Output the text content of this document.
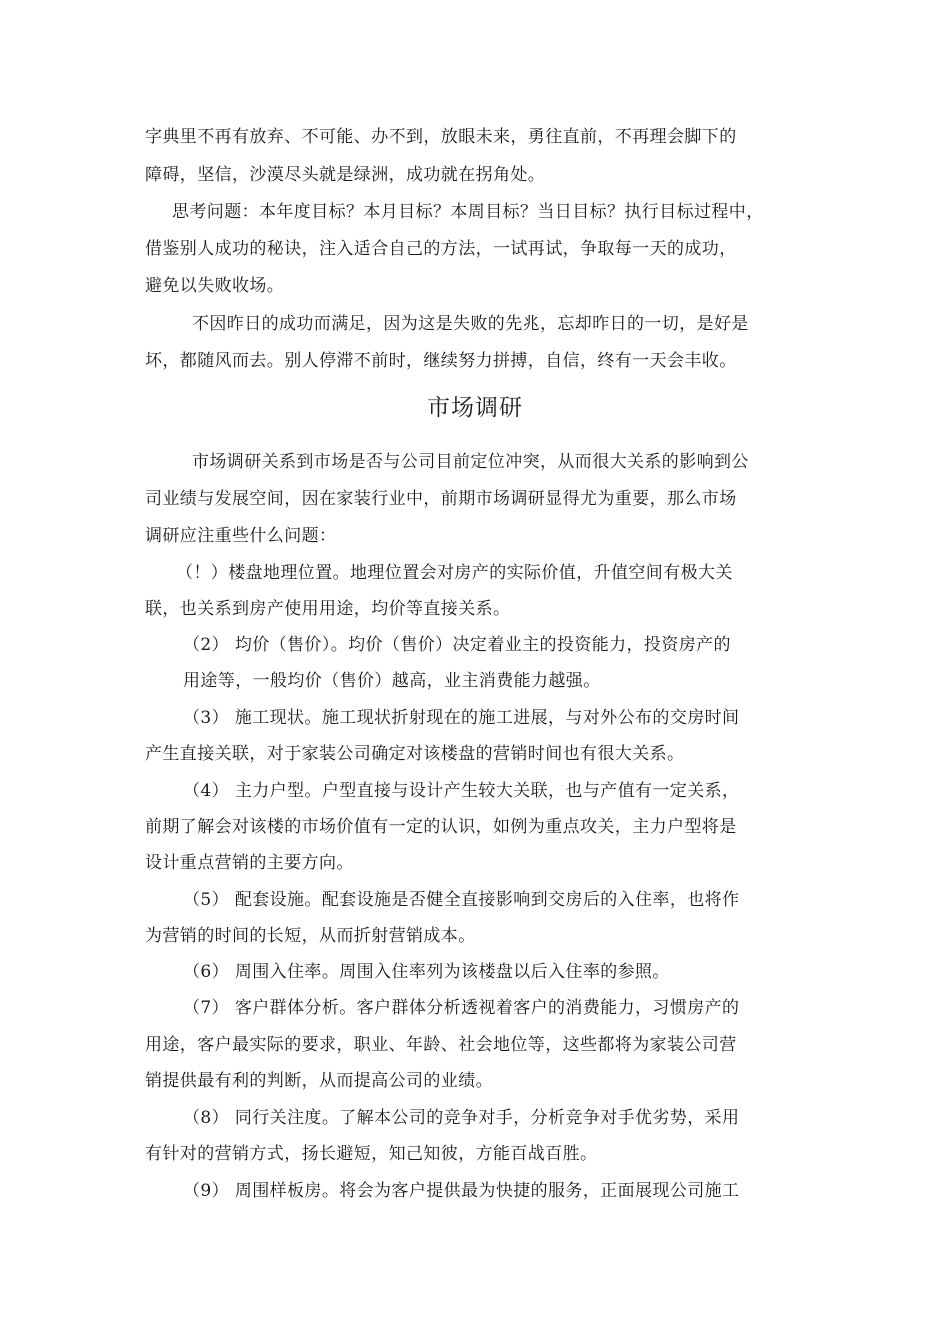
字典里不再有放弃、不可能、办不到，放眼未来，勇往直前，不再理会脚下的
障碍，坚信，沙漠尽头就是绿洲，成功就在拐角处。
思考问题：本年度目标？本月目标？本周目标？当日目标？执行目标过程中，
借鉴别人成功的秘诀，注入适合自己的方法，一试再试，争取每一天的成功，
避免以失败收场。
不因昨日的成功而满足，因为这是失败的先兆，忘却昨日的一切，是好是
坏，都随风而去。别人停滞不前时，继续努力拼搏，自信，终有一天会丰收。
市场调研
市场调研关系到市场是否与公司目前定位冲突，从而很大关系的影响到公
司业绩与发展空间，因在家装行业中，前期市场调研显得尤为重要，那么市场
调研应注重些什么问题：
（！）楼盘地理位置。地理位置会对房产的实际价值，升值空间有极大关
联，也关系到房产使用用途，均价等直接关系。
（2） 均价（售价）。均价（售价）决定着业主的投资能力，投资房产的
用途等，一般均价（售价）越高，业主消费能力越强。
（3） 施工现状。施工现状折射现在的施工进展，与对外公布的交房时间
产生直接关联，对于家装公司确定对该楼盘的营销时间也有很大关系。
（4） 主力户型。户型直接与设计产生较大关联，也与产值有一定关系，
前期了解会对该楼的市场价值有一定的认识，如例为重点攻关，主力户型将是
设计重点营销的主要方向。
（5） 配套设施。配套设施是否健全直接影响到交房后的入住率，也将作
为营销的时间的长短，从而折射营销成本。
（6） 周围入住率。周围入住率列为该楼盘以后入住率的参照。
（7） 客户群体分析。客户群体分析透视着客户的消费能力，习惯房产的
用途，客户最实际的要求，职业、年龄、社会地位等，这些都将为家装公司营
销提供最有利的判断，从而提高公司的业绩。
（8） 同行关注度。了解本公司的竞争对手，分析竞争对手优劣势，采用
有针对的营销方式，扬长避短，知己知彼，方能百战百胜。
（9） 周围样板房。将会为客户提供最为快捷的服务，正面展现公司施工
